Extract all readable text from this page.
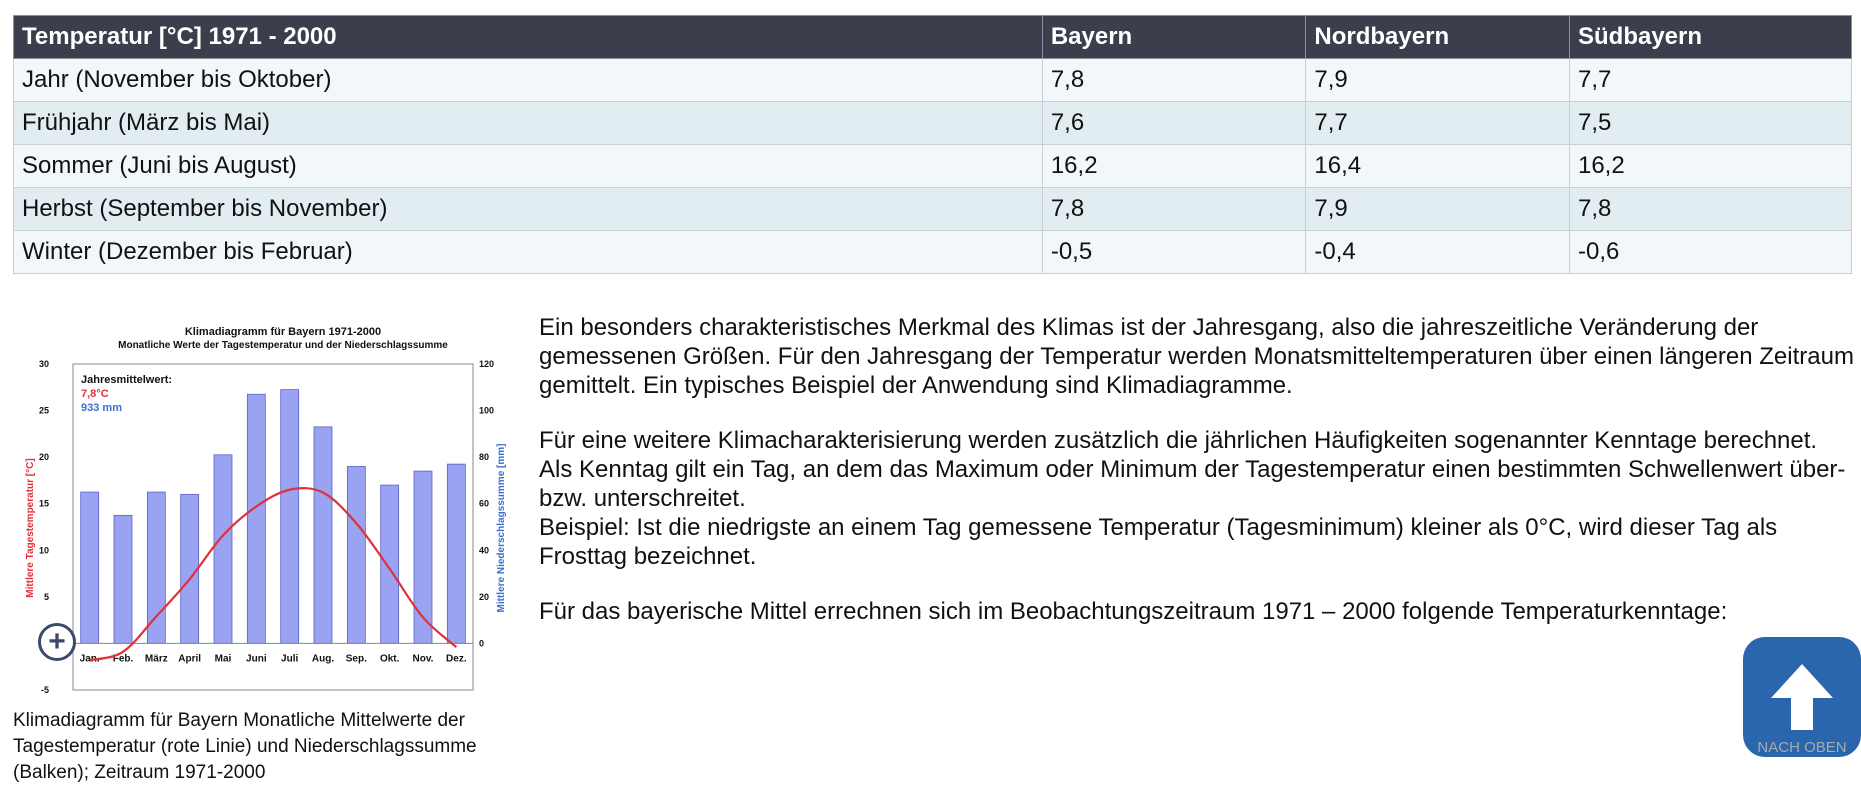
Temperatur [°C] 1971 - 2000	Bayern	Nordbayern	Südbayern
Jahr (November bis Oktober)	7,8	7,9	7,7
Frühjahr (März bis Mai)	7,6	7,7	7,5
Sommer (Juni bis August)	16,2	16,4	16,2
Herbst (September bis November)	7,8	7,9	7,8
Winter (Dezember bis Februar)	-0,5	-0,4	-0,6
Klimadiagramm für Bayern 1971-2000
Monatliche Werte der Tagestemperatur und der Niederschlagssumme
-5
5
10
15
20
25
30
0
20
40
60
80
100
120
Jan. Feb. März April Mai Juni Juli Aug. Sep. Okt. Nov. Dez.
Jahresmittelwert:
7,8°C
933 mm
Mittlere Tagestemperatur [°C]	Mittlere Niederschlagssumme [mm]
+
Klimadiagramm für Bayern Monatliche Mittelwerte der Tagestemperatur (rote Linie) und Niederschlagssumme (Balken); Zeitraum 1971-2000

Ein besonders charakteristisches Merkmal des Klimas ist der Jahresgang, also die jahreszeitliche Veränderung der gemessenen Größen. Für den Jahresgang der Temperatur werden Monatsmitteltemperaturen über einen längeren Zeitraum gemittelt. Ein typisches Beispiel der Anwendung sind Klimadiagramme.

Für eine weitere Klimacharakterisierung werden zusätzlich die jährlichen Häufigkeiten sogenannter Kenntage berechnet. Als Kenntag gilt ein Tag, an dem das Maximum oder Minimum der Tagestemperatur einen bestimmten Schwellenwert über- bzw. unterschreitet.

Beispiel: Ist die niedrigste an einem Tag gemessene Temperatur (Tagesminimum) kleiner als 0°C, wird dieser Tag als Frosttag bezeichnet.

Für das bayerische Mittel errechnen sich im Beobachtungszeitraum 1971 – 2000 folgende Temperaturkenntage:

NACH OBEN
